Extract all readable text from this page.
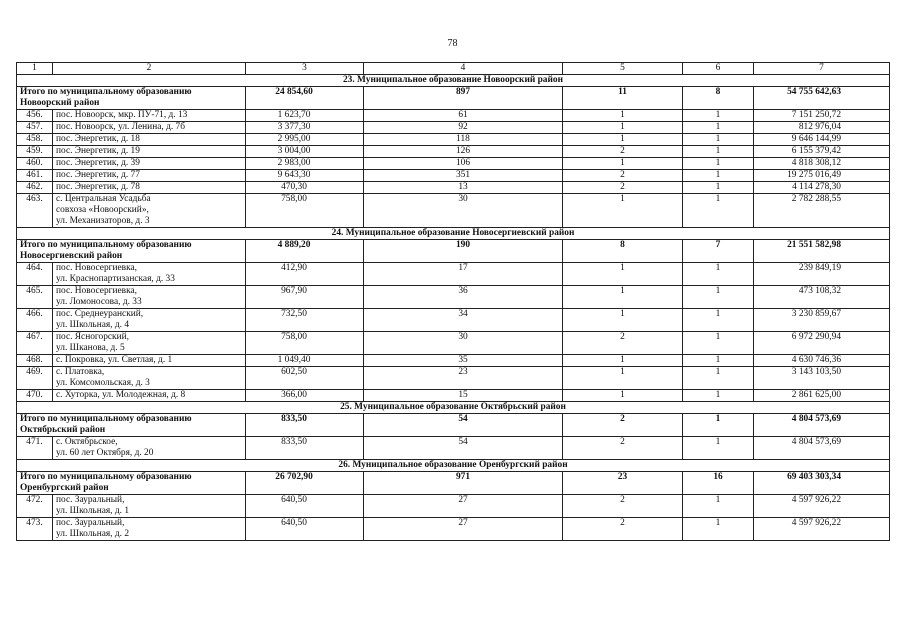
78
1	2	3	4	5	6	7
23. Муниципальное образование Новоорский район						

Итого по муниципальному образованию
Новоорский район		24 854,60	897	11	8	54 755 642,63
456.	пос. Новоорск, мкр. ПУ-71, д. 13	1 623,70	61	1	1	7 151 250,72
457.	пос. Новоорск, ул. Ленина, д. 7б	3 377,30	92	1	1	812 976,04
458.	пос. Энергетик, д. 18	2 995,00	118	1	1	9 646 144,99
459.	пос. Энергетик, д. 19	3 004,00	126	2	1	6 155 379,42
460.	пос. Энергетик, д. 39	2 983,00	106	1	1	4 818 308,12
461.	пос. Энергетик, д. 77	9 643,30	351	2	1	19 275 016,49
462.	пос. Энергетик, д. 78	470,30	13	2	1	4 114 278,30
463.	с. Центральная Усадьба
совхоза «Новоорский»,
ул. Механизаторов, д. 3	758,00	30	1	1	2 782 288,55
24. Муниципальное образование Новосергиевский район						

Итого по муниципальному образованию
Новосергиевский район		4 889,20	190	8	7	21 551 582,98
464.	пос. Новосергиевка,
ул. Краснопартизанская, д. 33	412,90	17	1	1	239 849,19
465.	пос. Новосергиевка,
ул. Ломоносова, д. 33	967,90	36	1	1	473 108,32
466.	пос. Среднеуранский,
ул. Школьная, д. 4	732,50	34	1	1	3 230 859,67
467.	пос. Ясногорский,
ул. Шканова, д. 5	758,00	30	2	1	6 972 290,94
468.	с. Покровка, ул. Светлая, д. 1	1 049,40	35	1	1	4 630 746,36
469.	с. Платовка,
ул. Комсомольская, д. 3	602,50	23	1	1	3 143 103,50
470.	с. Хуторка, ул. Молодежная, д. 8	366,00	15	1	1	2 861 625,00
25. Муниципальное образование Октябрьский район						

Итого по муниципальному образованию
Октябрьский район		833,50	54	2	1	4 804 573,69
471.	с. Октябрьское,
ул. 60 лет Октября, д. 20	833,50	54	2	1	4 804 573,69
26. Муниципальное образование Оренбургский район						

Итого по муниципальному образованию
Оренбургский район		26 702,90	971	23	16	69 403 303,34
472.	пос. Зауральный,
ул. Школьная, д. 1	640,50	27	2	1	4 597 926,22
473.	пос. Зауральный,
ул. Школьная, д. 2	640,50	27	2	1	4 597 926,22
